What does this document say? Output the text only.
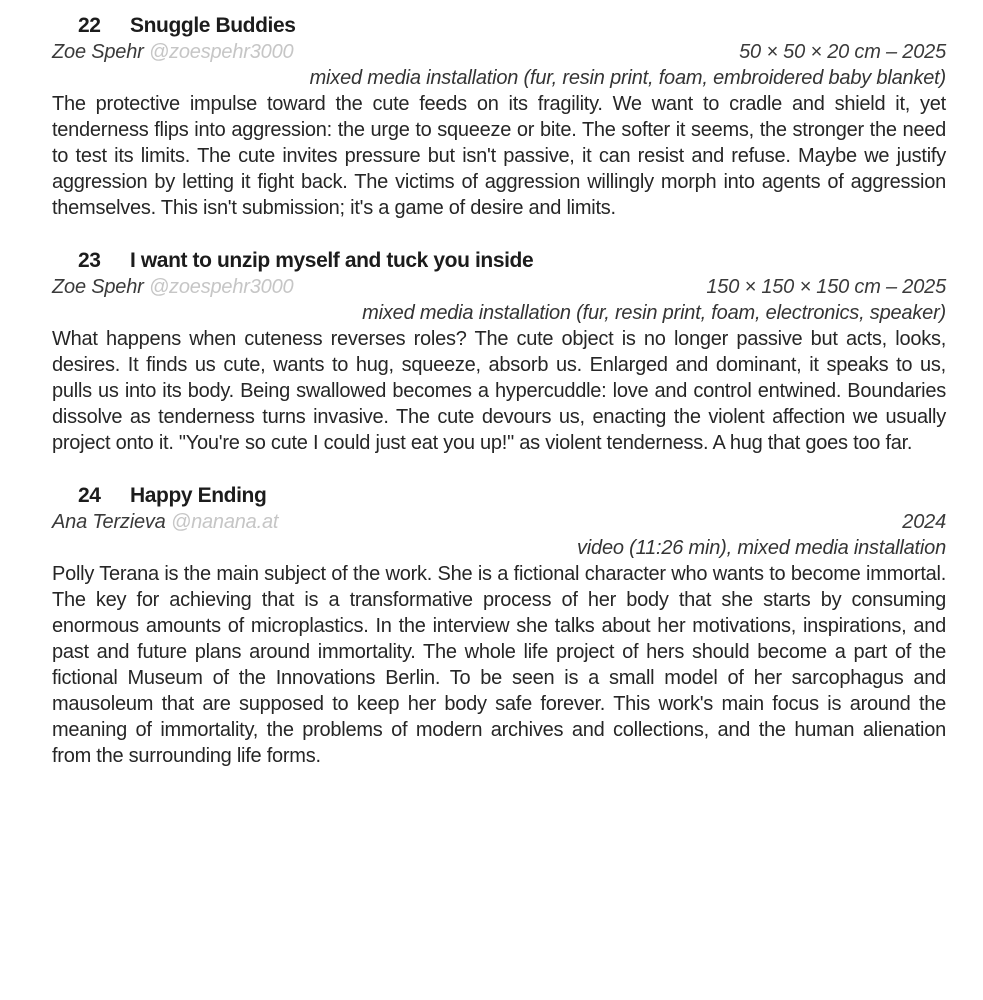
22	Snuggle Buddies
Zoe Spehr @zoespehr3000	50 × 50 × 20 cm – 2025
mixed media installation (fur, resin print, foam, embroidered baby blanket)

The protective impulse toward the cute feeds on its fragility. We want to cradle and shield it, yet tenderness flips into aggression: the urge to squeeze or bite. The softer it seems, the stronger the need to test its limits. The cute invites pressure but isn't passive, it can resist and refuse. Maybe we justify aggression by letting it fight back. The victims of aggression willingly morph into agents of aggression themselves. This isn't submission; it's a game of desire and limits.

23	I want to unzip myself and tuck you inside
Zoe Spehr @zoespehr3000	150 × 150 × 150 cm – 2025
mixed media installation (fur, resin print, foam, electronics, speaker)

What happens when cuteness reverses roles? The cute object is no longer passive but acts, looks, desires. It finds us cute, wants to hug, squeeze, absorb us. Enlarged and dominant, it speaks to us, pulls us into its body. Being swallowed becomes a hypercuddle: love and control entwined. Boundaries dissolve as tenderness turns invasive. The cute devours us, enacting the violent affection we usually project onto it. "You're so cute I could just eat you up!" as violent tenderness. A hug that goes too far.

24	Happy Ending
Ana Terzieva @nanana.at	2024
video (11:26 min), mixed media installation

Polly Terana is the main subject of the work. She is a fictional character who wants to become immortal. The key for achieving that is a transformative process of her body that she starts by consuming enormous amounts of microplastics. In the interview she talks about her motivations, inspirations, and past and future plans around immortality. The whole life project of hers should become a part of the fictional Museum of the Innovations Berlin. To be seen is a small model of her sarcophagus and mausoleum that are supposed to keep her body safe forever. This work's main focus is around the meaning of immortality, the problems of modern archives and collections, and the human alienation from the surrounding life forms.
